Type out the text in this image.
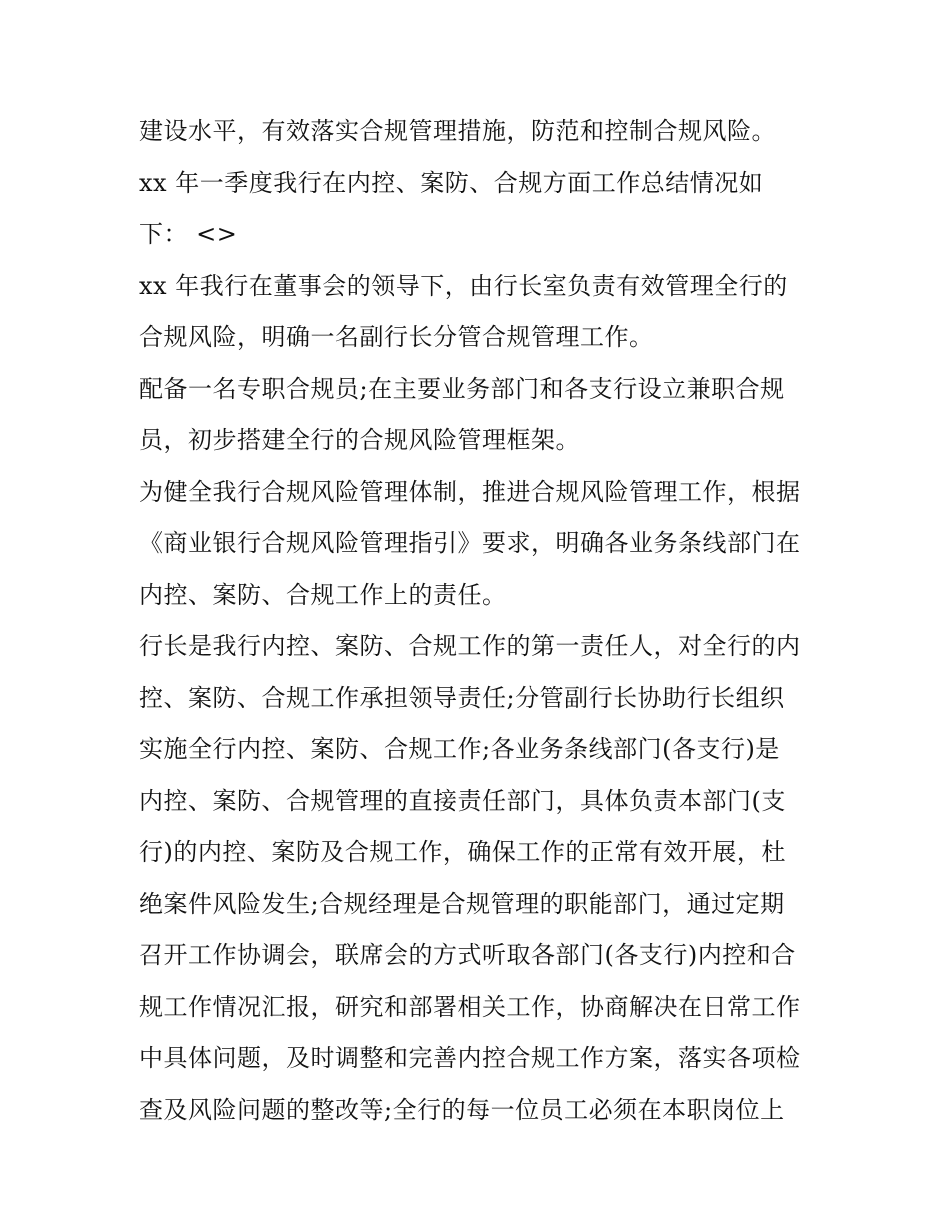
建设水平，有效落实合规管理措施，防范和控制合规风险。
xx 年一季度我行在内控、案防、合规方面工作总结情况如
下： <>
xx 年我行在董事会的领导下，由行长室负责有效管理全行的
合规风险，明确一名副行长分管合规管理工作。
配备一名专职合规员;在主要业务部门和各支行设立兼职合规
员，初步搭建全行的合规风险管理框架。
为健全我行合规风险管理体制，推进合规风险管理工作，根据
《商业银行合规风险管理指引》要求，明确各业务条线部门在
内控、案防、合规工作上的责任。
行长是我行内控、案防、合规工作的第一责任人，对全行的内
控、案防、合规工作承担领导责任;分管副行长协助行长组织
实施全行内控、案防、合规工作;各业务条线部门(各支行)是
内控、案防、合规管理的直接责任部门，具体负责本部门(支
行)的内控、案防及合规工作，确保工作的正常有效开展，杜
绝案件风险发生;合规经理是合规管理的职能部门，通过定期
召开工作协调会，联席会的方式听取各部门(各支行)内控和合
规工作情况汇报，研究和部署相关工作，协商解决在日常工作
中具体问题，及时调整和完善内控合规工作方案，落实各项检
查及风险问题的整改等;全行的每一位员工必须在本职岗位上
